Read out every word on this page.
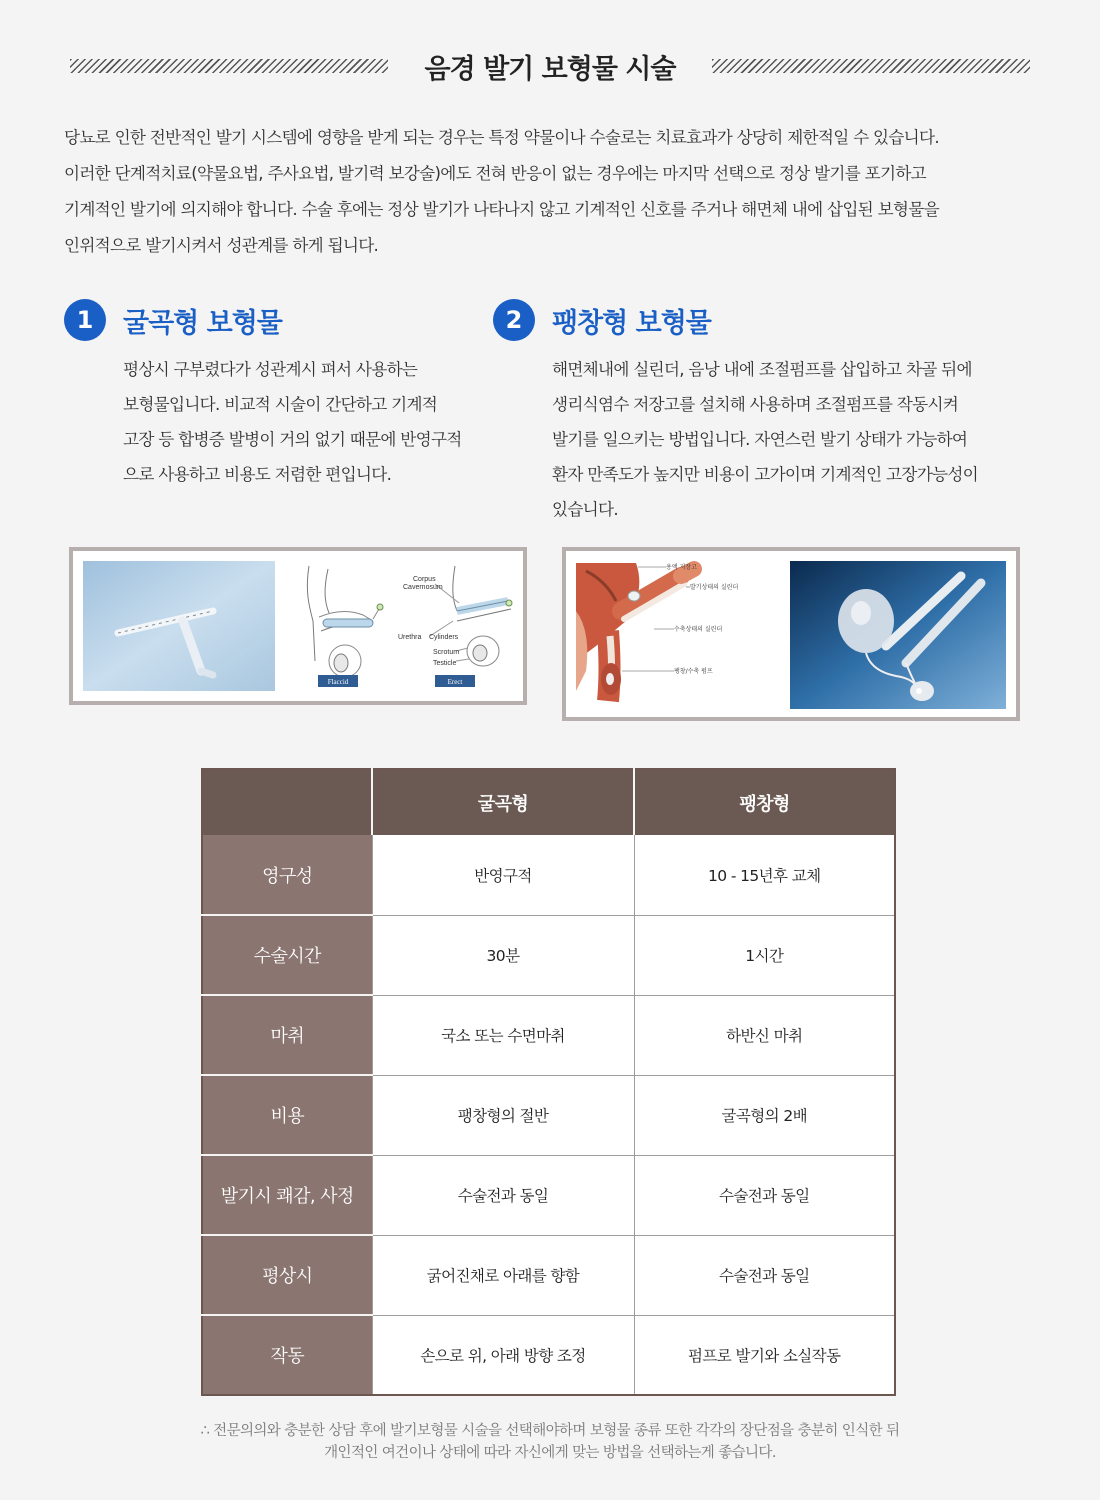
음경 발기 보형물 시술

당뇨로 인한 전반적인 발기 시스템에 영향을 받게 되는 경우는 특정 약물이나 수술로는 치료효과가 상당히 제한적일 수 있습니다.

이러한 단계적치료(약물요법, 주사요법, 발기력 보강술)에도 전혀 반응이 없는 경우에는 마지막 선택으로 정상 발기를 포기하고

기계적인 발기에 의지해야 합니다. 수술 후에는 정상 발기가 나타나지 않고 기계적인 신호를 주거나 해면체 내에 삽입된 보형물을

인위적으로 발기시켜서 성관계를 하게 됩니다.

1	굴곡형 보형물

평상시 구부렸다가 성관계시 펴서 사용하는

보형물입니다. 비교적 시술이 간단하고 기계적

고장 등 합병증 발병이 거의 없기 때문에 반영구적

으로 사용하고 비용도 저렴한 편입니다.

2	팽창형 보형물

해면체내에 실린더, 음낭 내에 조절펌프를 삽입하고 차골 뒤에

생리식염수 저장고를 설치해 사용하며 조절펌프를 작동시켜

발기를 일으키는 방법입니다. 자연스런 발기 상태가 가능하여

환자 만족도가 높지만 비용이 고가이며 기계적인 고장가능성이

있습니다.

Corpus
Cavernosum
Urethra Cylinders
Scrotum
Testicle
Flaccid	Erect
용액 저장고
발기상태의 실린더
수축상태의 실린더
팽창/수축 펌프
	굴곡형	팽창형
영구성	반영구적	10 - 15년후 교체
수술시간	30분	1시간
마취	국소 또는 수면마취	하반신 마취
비용	팽창형의 절반	굴곡형의 2배
발기시 쾌감, 사정	수술전과 동일	수술전과 동일
평상시	굵어진채로 아래를 향함	수술전과 동일
작동	손으로 위, 아래 방향 조정	펌프로 발기와 소실작동

∴ 전문의의와 충분한 상담 후에 발기보형물 시술을 선택해야하며 보형물 종류 또한 각각의 장단점을 충분히 인식한 뒤

개인적인 여건이나 상태에 따라 자신에게 맞는 방법을 선택하는게 좋습니다.
